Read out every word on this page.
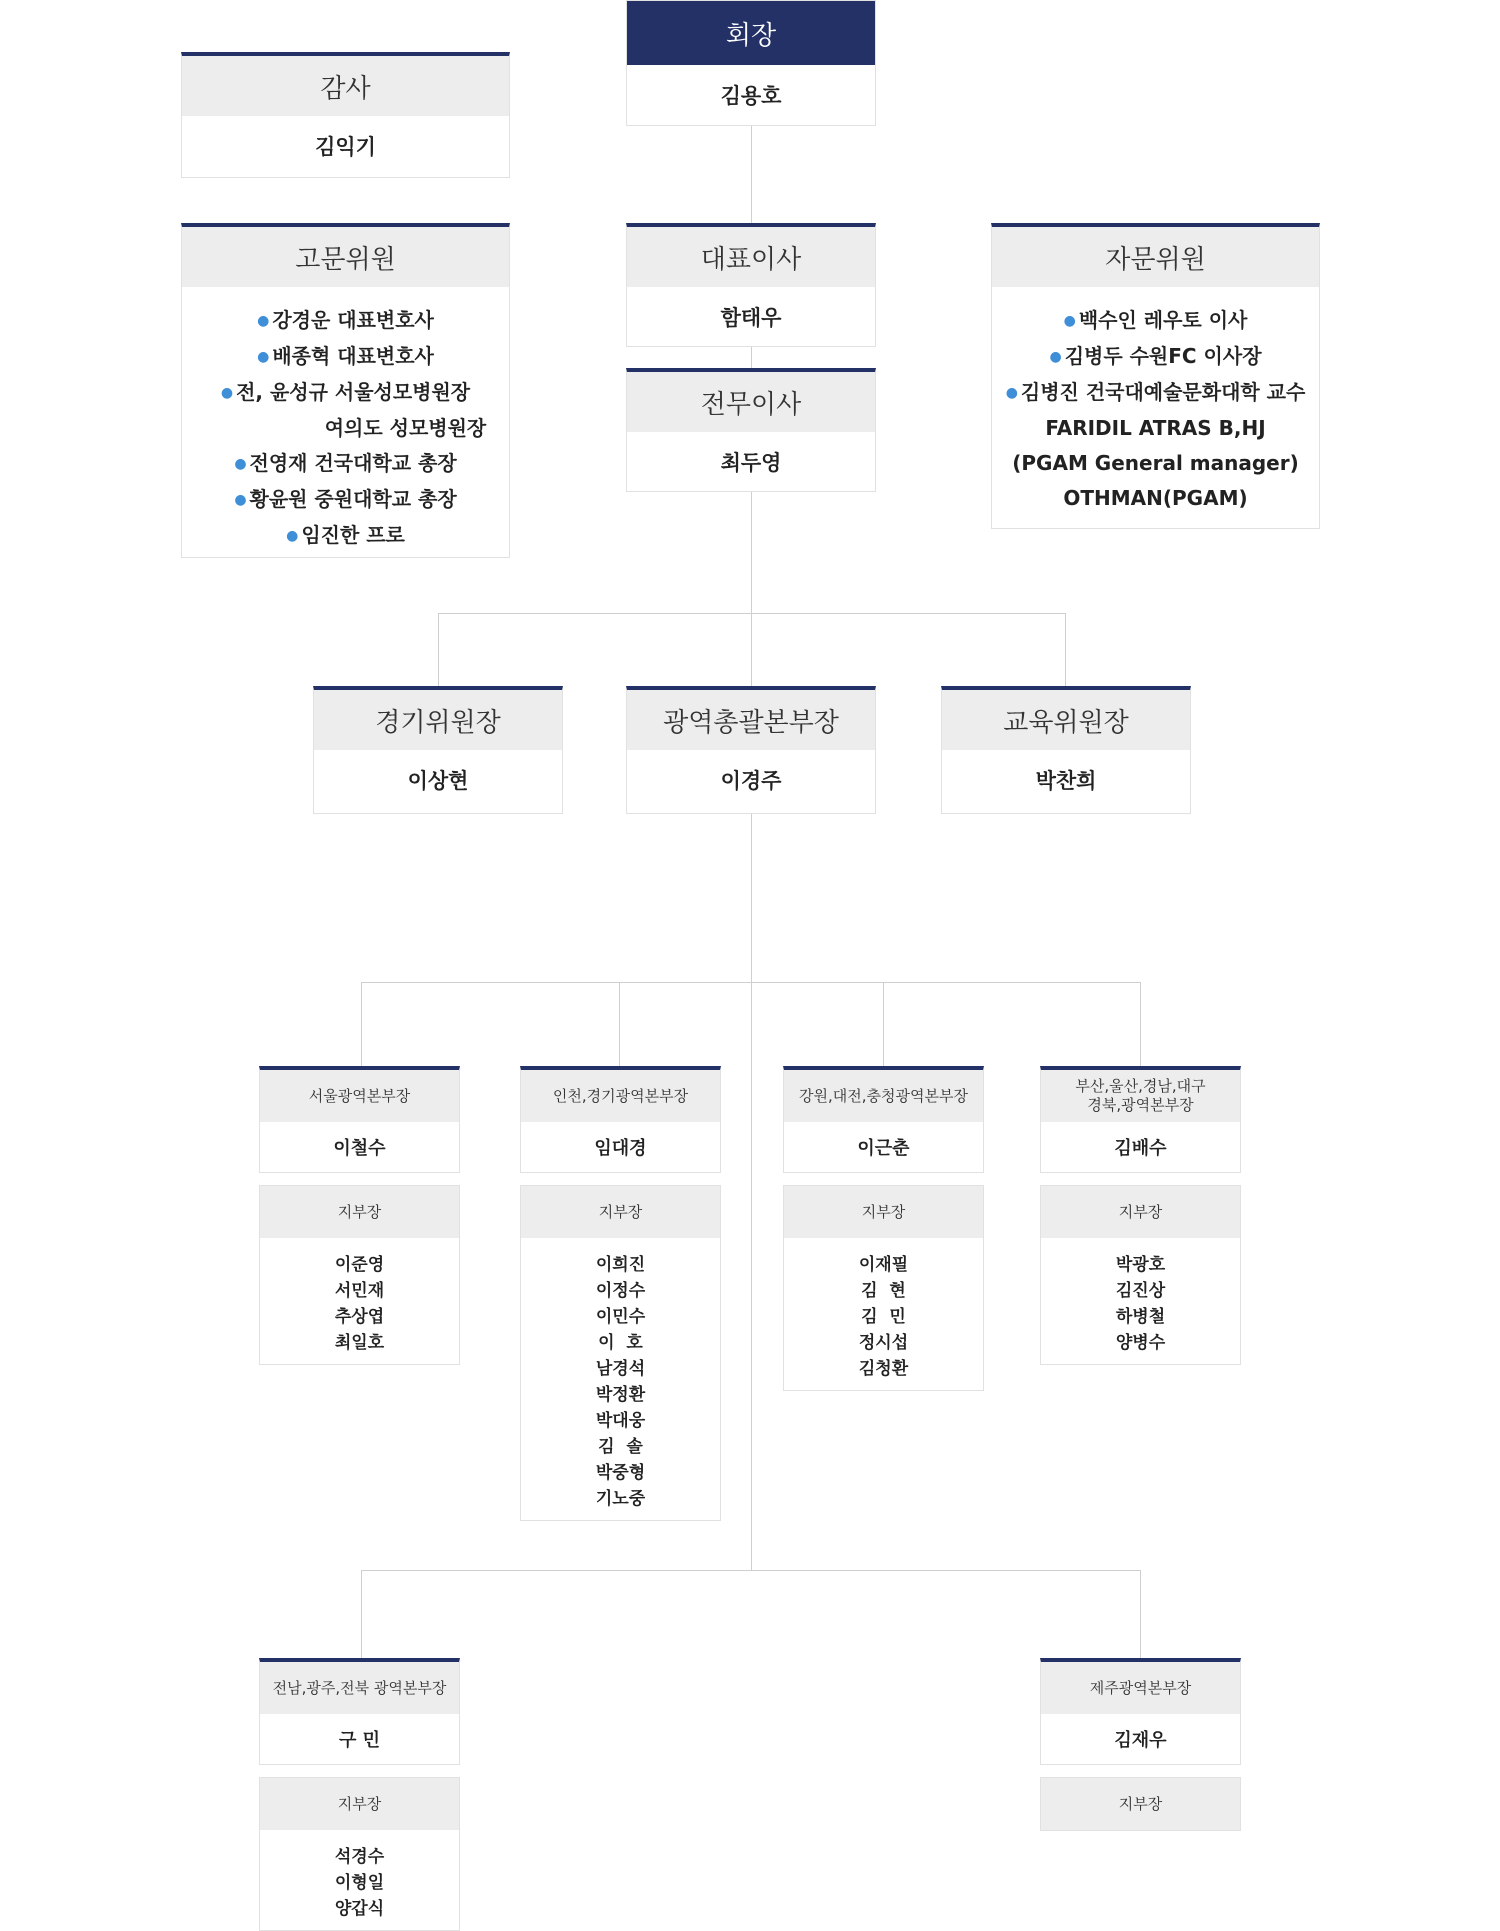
회장
김용호
감사
김익기
고문위원
● 강경운 대표변호사
● 배종혁 대표변호사
● 전, 윤성규 서울성모병원장
여의도 성모병원장
● 전영재 건국대학교 총장
● 황윤원 중원대학교 총장
● 임진한 프로
대표이사
함태우
전무이사
최두영
자문위원
● 백수인 레우토 이사
● 김병두 수원FC 이사장
● 김병진 건국대예술문화대학 교수
FARIDIL ATRAS B,HJ
(PGAM General manager)
OTHMAN(PGAM)
경기위원장
이상현
광역총괄본부장
이경주
교육위원장
박찬희
서울광역본부장
이철수
지부장
이준영
서민재
추상엽
최일호
인천,경기광역본부장
임대경
지부장
이희진
이정수
이민수
이  호
남경석
박정환
박대웅
김  솔
박중형
기노중
강원,대전,충청광역본부장
이근춘
지부장
이재필
김  현
김  민
정시섭
김청환
부산,울산,경남,대구
경북,광역본부장
김배수
지부장
박광호
김진상
하병철
양병수
전남,광주,전북 광역본부장
구 민
지부장
석경수
이형일
양갑식
제주광역본부장
김재우
지부장
